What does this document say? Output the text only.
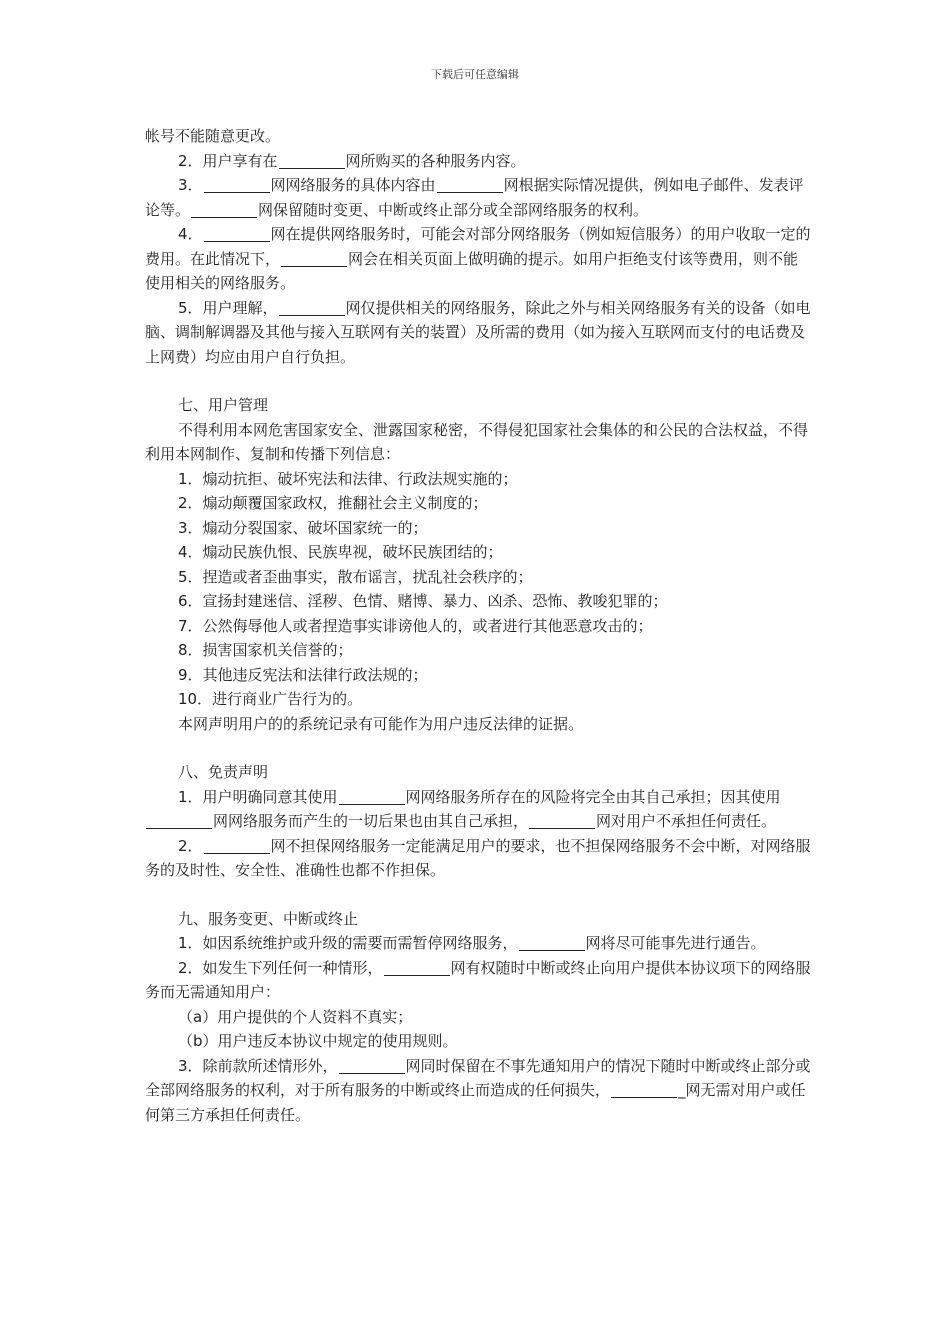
下载后可任意编辑

帐号不能随意更改。

2．用户享有在	网所购买的各种服务内容。

3．	网网络服务的具体内容由	网根据实际情况提供，例如电子邮件、发表评论等。	网保留随时变更、中断或终止部分或全部网络服务的权利。

4．	网在提供网络服务时，可能会对部分网络服务（例如短信服务）的用户收取一定的费用。在此情况下，	网会在相关页面上做明确的提示。如用户拒绝支付该等费用，则不能使用相关的网络服务。

5．用户理解，	网仅提供相关的网络服务，除此之外与相关网络服务有关的设备（如电脑、调制解调器及其他与接入互联网有关的装置）及所需的费用（如为接入互联网而支付的电话费及上网费）均应由用户自行负担。

七、用户管理

不得利用本网危害国家安全、泄露国家秘密，不得侵犯国家社会集体的和公民的合法权益，不得利用本网制作、复制和传播下列信息：

1．煽动抗拒、破坏宪法和法律、行政法规实施的；

2．煽动颠覆国家政权，推翻社会主义制度的；

3．煽动分裂国家、破坏国家统一的；

4．煽动民族仇恨、民族卑视，破坏民族团结的；

5．捏造或者歪曲事实，散布谣言，扰乱社会秩序的；

6．宣扬封建迷信、淫秽、色情、赌博、暴力、凶杀、恐怖、教唆犯罪的；

7．公然侮辱他人或者捏造事实诽谤他人的，或者进行其他恶意攻击的；

8．损害国家机关信誉的；

9．其他违反宪法和法律行政法规的；

10．进行商业广告行为的。

本网声明用户的的系统记录有可能作为用户违反法律的证据。

八、免责声明

1．用户明确同意其使用	网网络服务所存在的风险将完全由其自己承担；因其使用网网络服务而产生的一切后果也由其自己承担，	网对用户不承担任何责任。

2．	网不担保网络服务一定能满足用户的要求，也不担保网络服务不会中断，对网络服务的及时性、安全性、准确性也都不作担保。

九、服务变更、中断或终止

1．如因系统维护或升级的需要而需暂停网络服务，	网将尽可能事先进行通告。

2．如发生下列任何一种情形，	网有权随时中断或终止向用户提供本协议项下的网络服务而无需通知用户：

（a）用户提供的个人资料不真实；

（b）用户违反本协议中规定的使用规则。

3．除前款所述情形外，	网同时保留在不事先通知用户的情况下随时中断或终止部分或全部网络服务的权利，对于所有服务的中断或终止而造成的任何损失，	_网无需对用户或任何第三方承担任何责任。
